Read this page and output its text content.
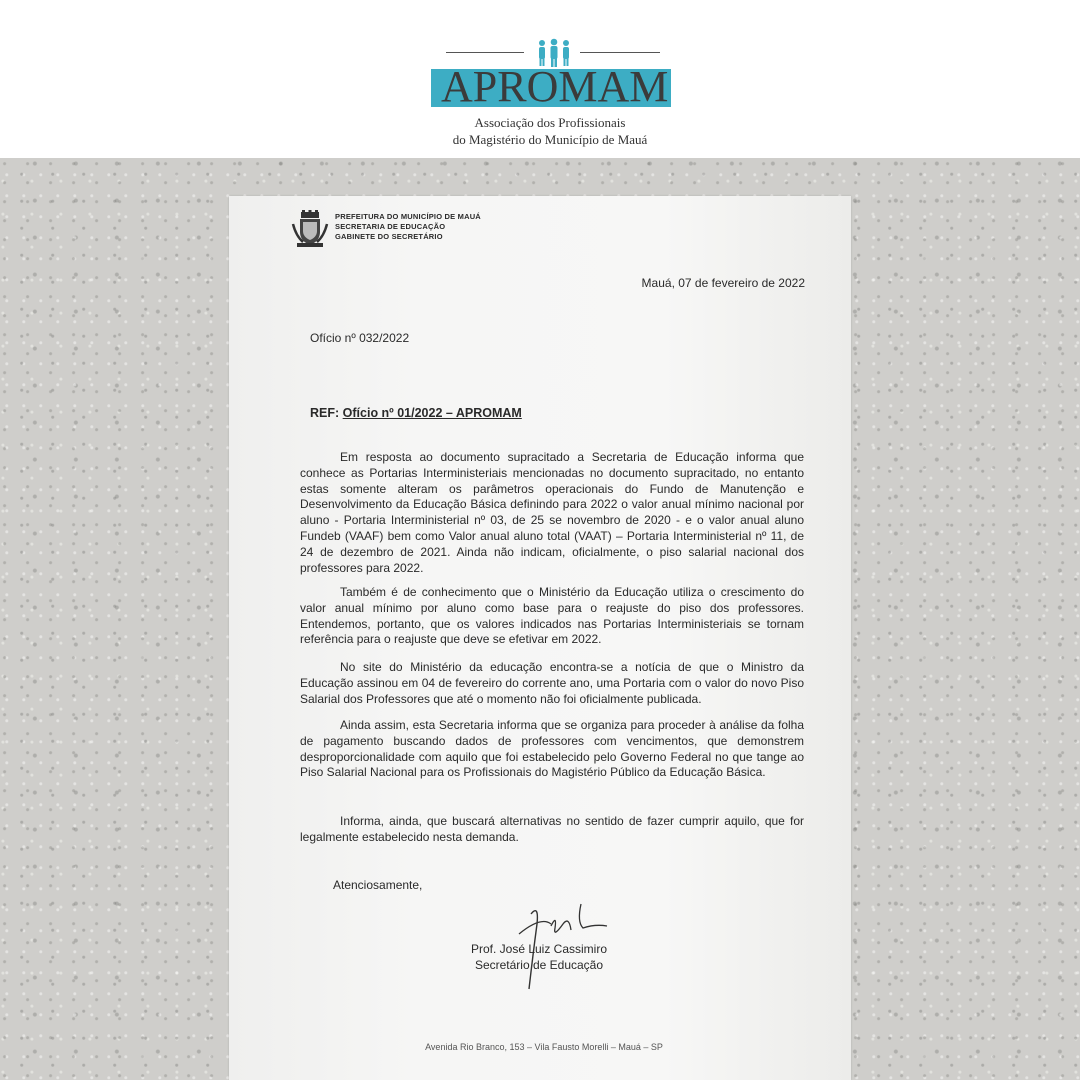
APROMAM
Associação dos Profissionais
do Magistério do Município de Mauá
PREFEITURA DO MUNICÍPIO DE MAUÁ
SECRETARIA DE EDUCAÇÃO
GABINETE DO SECRETÁRIO
Mauá, 07 de fevereiro de 2022
Ofício nº 032/2022
REF: Ofício nº 01/2022 – APROMAM

Em resposta ao documento supracitado a Secretaria de Educação informa que conhece as Portarias Interministeriais mencionadas no documento supracitado, no entanto estas somente alteram os parâmetros operacionais do Fundo de Manutenção e Desenvolvimento da Educação Básica definindo para 2022 o valor anual mínimo nacional por aluno - Portaria Interministerial nº 03, de 25 se novembro de 2020 - e o valor anual aluno Fundeb (VAAF) bem como Valor anual aluno total (VAAT) – Portaria Interministerial nº 11, de 24 de dezembro de 2021. Ainda não indicam, oficialmente, o piso salarial nacional dos professores para 2022.

Também é de conhecimento que o Ministério da Educação utiliza o crescimento do valor anual mínimo por aluno como base para o reajuste do piso dos professores. Entendemos, portanto, que os valores indicados nas Portarias Interministeriais se tornam referência para o reajuste que deve se efetivar em 2022.

No site do Ministério da educação encontra-se a notícia de que o Ministro da Educação assinou em 04 de fevereiro do corrente ano, uma Portaria com o valor do novo Piso Salarial dos Professores que até o momento não foi oficialmente publicada.

Ainda assim, esta Secretaria informa que se organiza para proceder à análise da folha de pagamento buscando dados de professores com vencimentos, que demonstrem desproporcionalidade com aquilo que foi estabelecido pelo Governo Federal no que tange ao Piso Salarial Nacional para os Profissionais do Magistério Público da Educação Básica.

Informa, ainda, que buscará alternativas no sentido de fazer cumprir aquilo, que for legalmente estabelecido nesta demanda.

Atenciosamente,
Prof. José Luiz Cassimiro
Secretário de Educação
Avenida Rio Branco, 153 – Vila Fausto Morelli – Mauá – SP
